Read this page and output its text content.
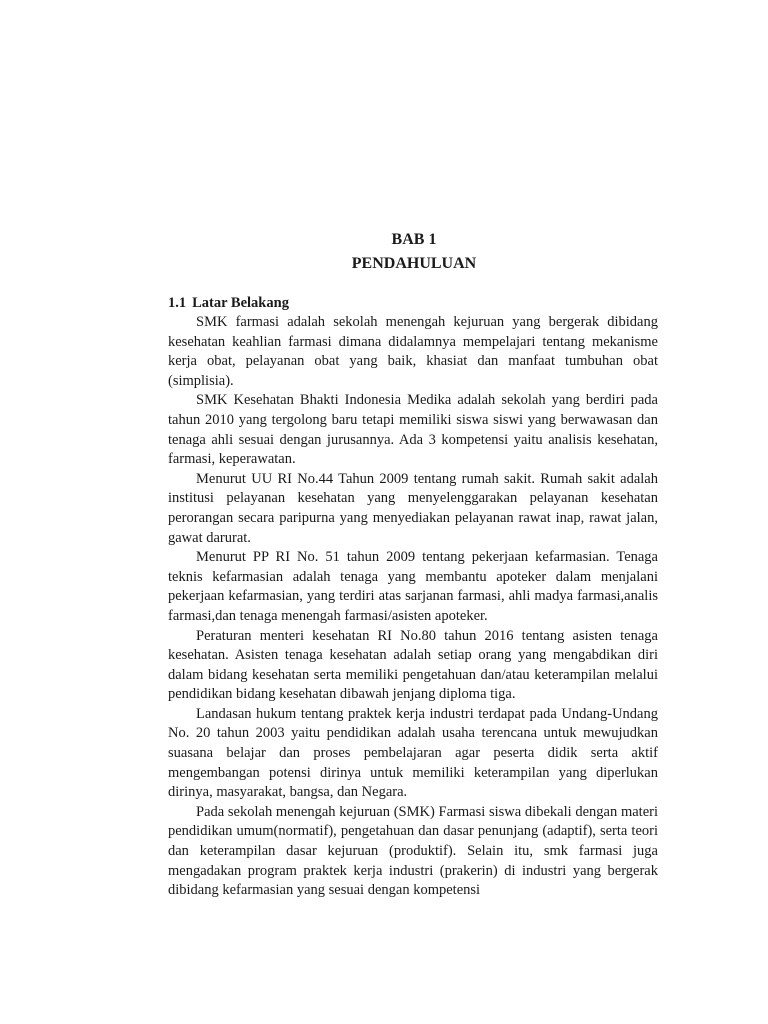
BAB 1
PENDAHULUAN
1.1 Latar Belakang

SMK farmasi adalah sekolah menengah kejuruan yang bergerak dibidang kesehatan keahlian farmasi dimana didalamnya mempelajari tentang mekanisme kerja obat, pelayanan obat yang baik, khasiat dan manfaat tumbuhan obat (simplisia).

SMK Kesehatan Bhakti Indonesia Medika adalah sekolah yang berdiri pada tahun 2010 yang tergolong baru tetapi memiliki siswa siswi yang berwawasan dan tenaga ahli sesuai dengan jurusannya. Ada 3 kompetensi yaitu analisis kesehatan, farmasi, keperawatan.

Menurut UU RI No.44 Tahun 2009 tentang rumah sakit. Rumah sakit adalah institusi pelayanan kesehatan yang menyelenggarakan pelayanan kesehatan perorangan secara paripurna yang menyediakan pelayanan rawat inap, rawat jalan, gawat darurat.

Menurut PP RI No. 51 tahun 2009 tentang pekerjaan kefarmasian. Tenaga teknis kefarmasian adalah tenaga yang membantu apoteker dalam menjalani pekerjaan kefarmasian, yang terdiri atas sarjanan farmasi, ahli madya farmasi,analis farmasi,dan tenaga menengah farmasi/asisten apoteker.

Peraturan menteri kesehatan RI No.80 tahun 2016 tentang asisten tenaga kesehatan. Asisten tenaga kesehatan adalah setiap orang yang mengabdikan diri dalam bidang kesehatan serta memiliki pengetahuan dan/atau keterampilan melalui pendidikan bidang kesehatan dibawah jenjang diploma tiga.

Landasan hukum tentang praktek kerja industri terdapat pada Undang-Undang No. 20 tahun 2003 yaitu pendidikan adalah usaha terencana untuk mewujudkan suasana belajar dan proses pembelajaran agar peserta didik serta aktif mengembangan potensi dirinya untuk memiliki keterampilan yang diperlukan dirinya, masyarakat, bangsa, dan Negara.

Pada sekolah menengah kejuruan (SMK) Farmasi siswa dibekali dengan materi pendidikan umum(normatif), pengetahuan dan dasar penunjang (adaptif), serta teori dan keterampilan dasar kejuruan (produktif). Selain itu, smk farmasi juga mengadakan program praktek kerja industri (prakerin) di industri yang bergerak dibidang kefarmasian yang sesuai dengan kompetensi
